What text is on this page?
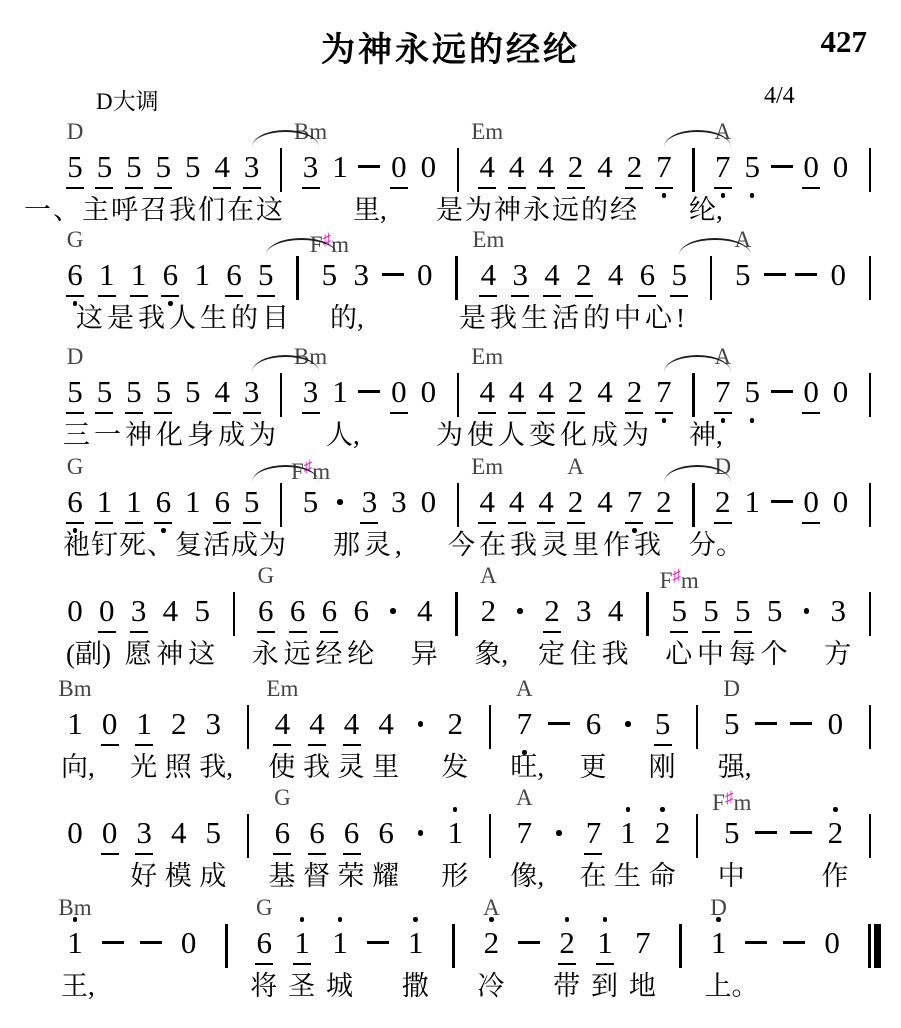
为神永远的经纶	427
D大调	4/4
5 5 5 5 5 4 3 3 1 0 0 4 4 4 2 4 2 7 7 5 0 0
D	Bm	Em	A
一、主呼召我们在这	里, 是为神永远的经 纶,
6 1 1 6 1 6 5 5 3 0 4 3 4 2 4 6 5 5	0
G	F♯m	Em	A
这是我人生的目 的,	是我生活的中心!
5 5 5 5 5 4 3 3 1 0 0 4 4 4 2 4 2 7 7 5 0 0
D	Bm	Em	A
三一神化身成为 人,	为使人变化成为 神,
6 1 1 6 1 6 5 5 3 3 0 4 4 4 2 4 7 2 2 1 0 0
G	F♯m	Em	A	D
祂钉死、复活成为 那灵, 今在我灵里作我 分。
0 0 3 4 5 6 6 6 6 4 2 2 3 4 5 5 5 5 3
G	A	F♯m
(副) 愿 神 这 永 远 经 纶 异 象, 定 住 我 心 中 每 个 方
1 0 1 2 3 4 4 4 4 2 7 6 5 5	0
Bm	Em	A	D
向, 光 照 我, 使 我 灵 里 发 旺, 更 刚 强,
0 0 3 4 5 6 6 6 6 1 7 7 1 2 5	2
G	A	F♯m
好 模 成 基 督 荣 耀 形 像, 在 生 命 中	作
1	0 6 1 1 1 2 2 1 7 1	0
Bm	G	A	D
王,	将 圣 城 撒 冷 带 到 地 上。
